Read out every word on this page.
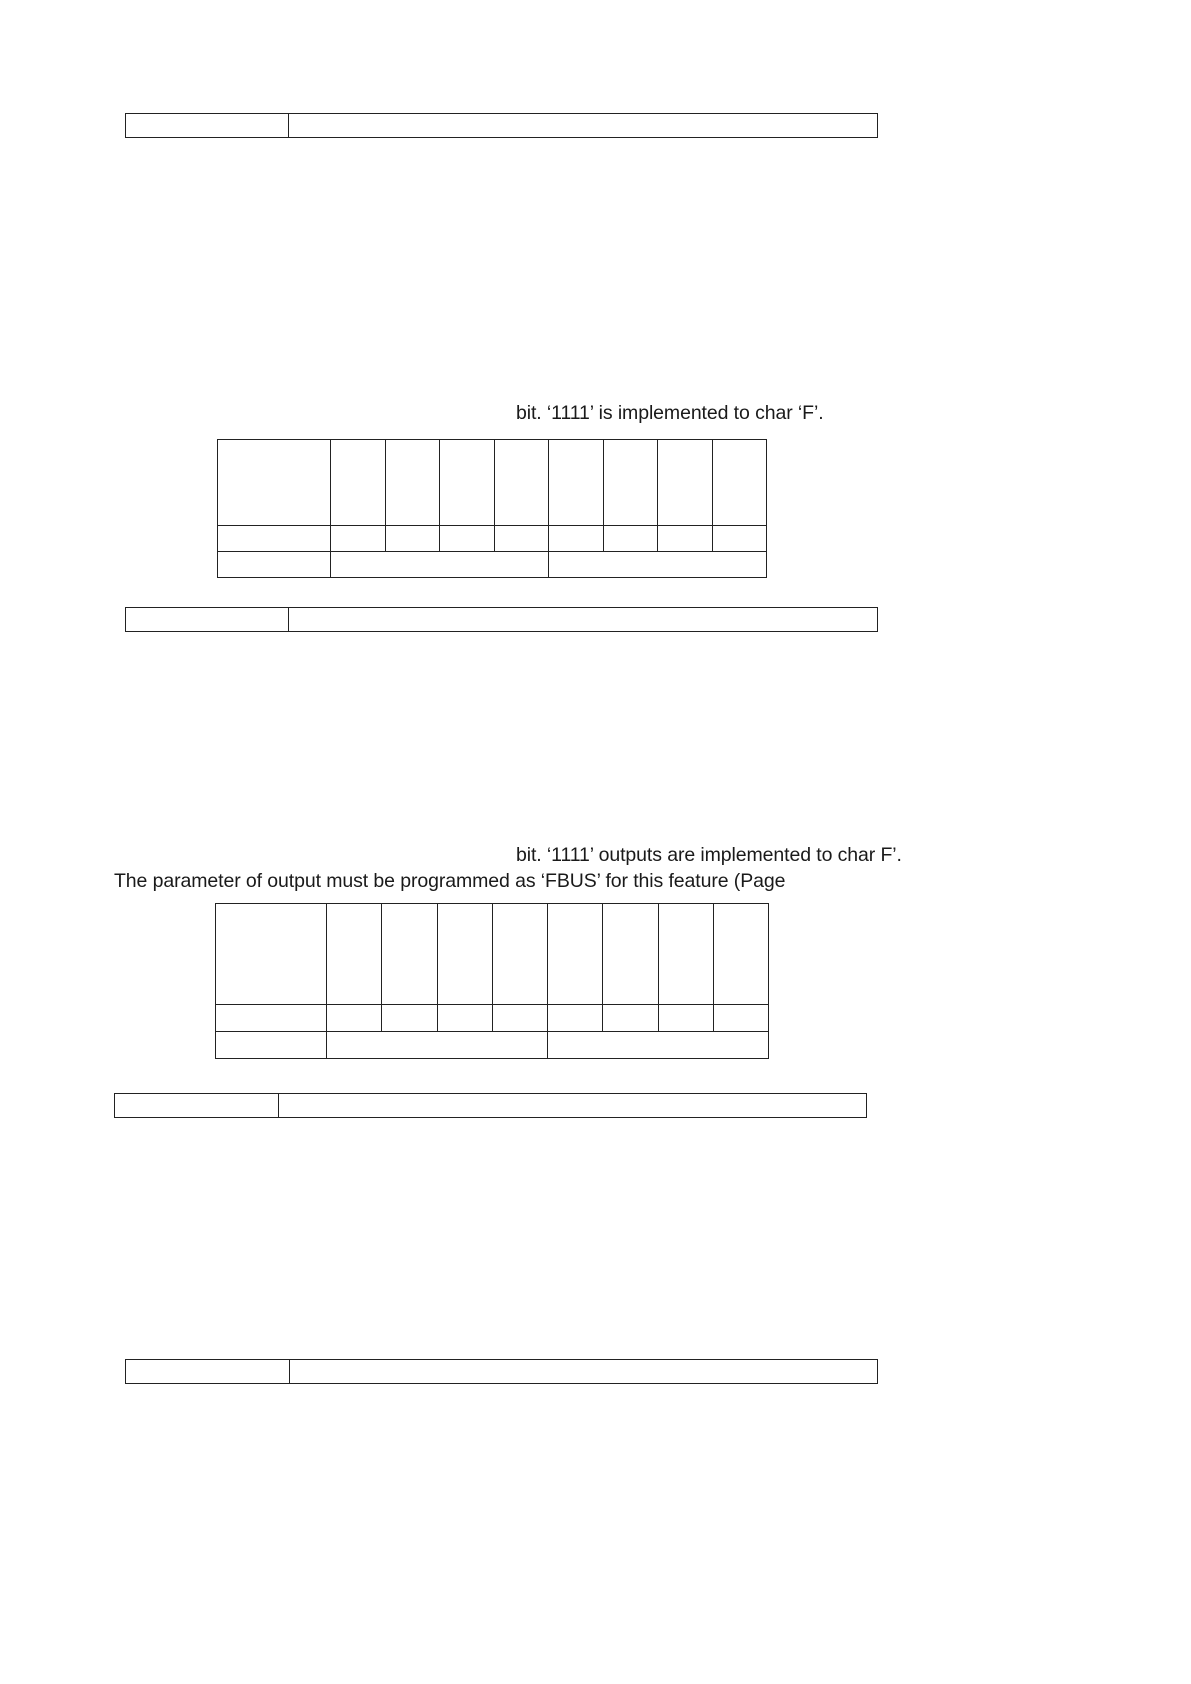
bit. ‘1111’ is implemented to char ‘F’.

bit. ‘1111’ outputs are implemented to char F’.
The parameter of output must be programmed as ‘FBUS’ for this feature (Page
